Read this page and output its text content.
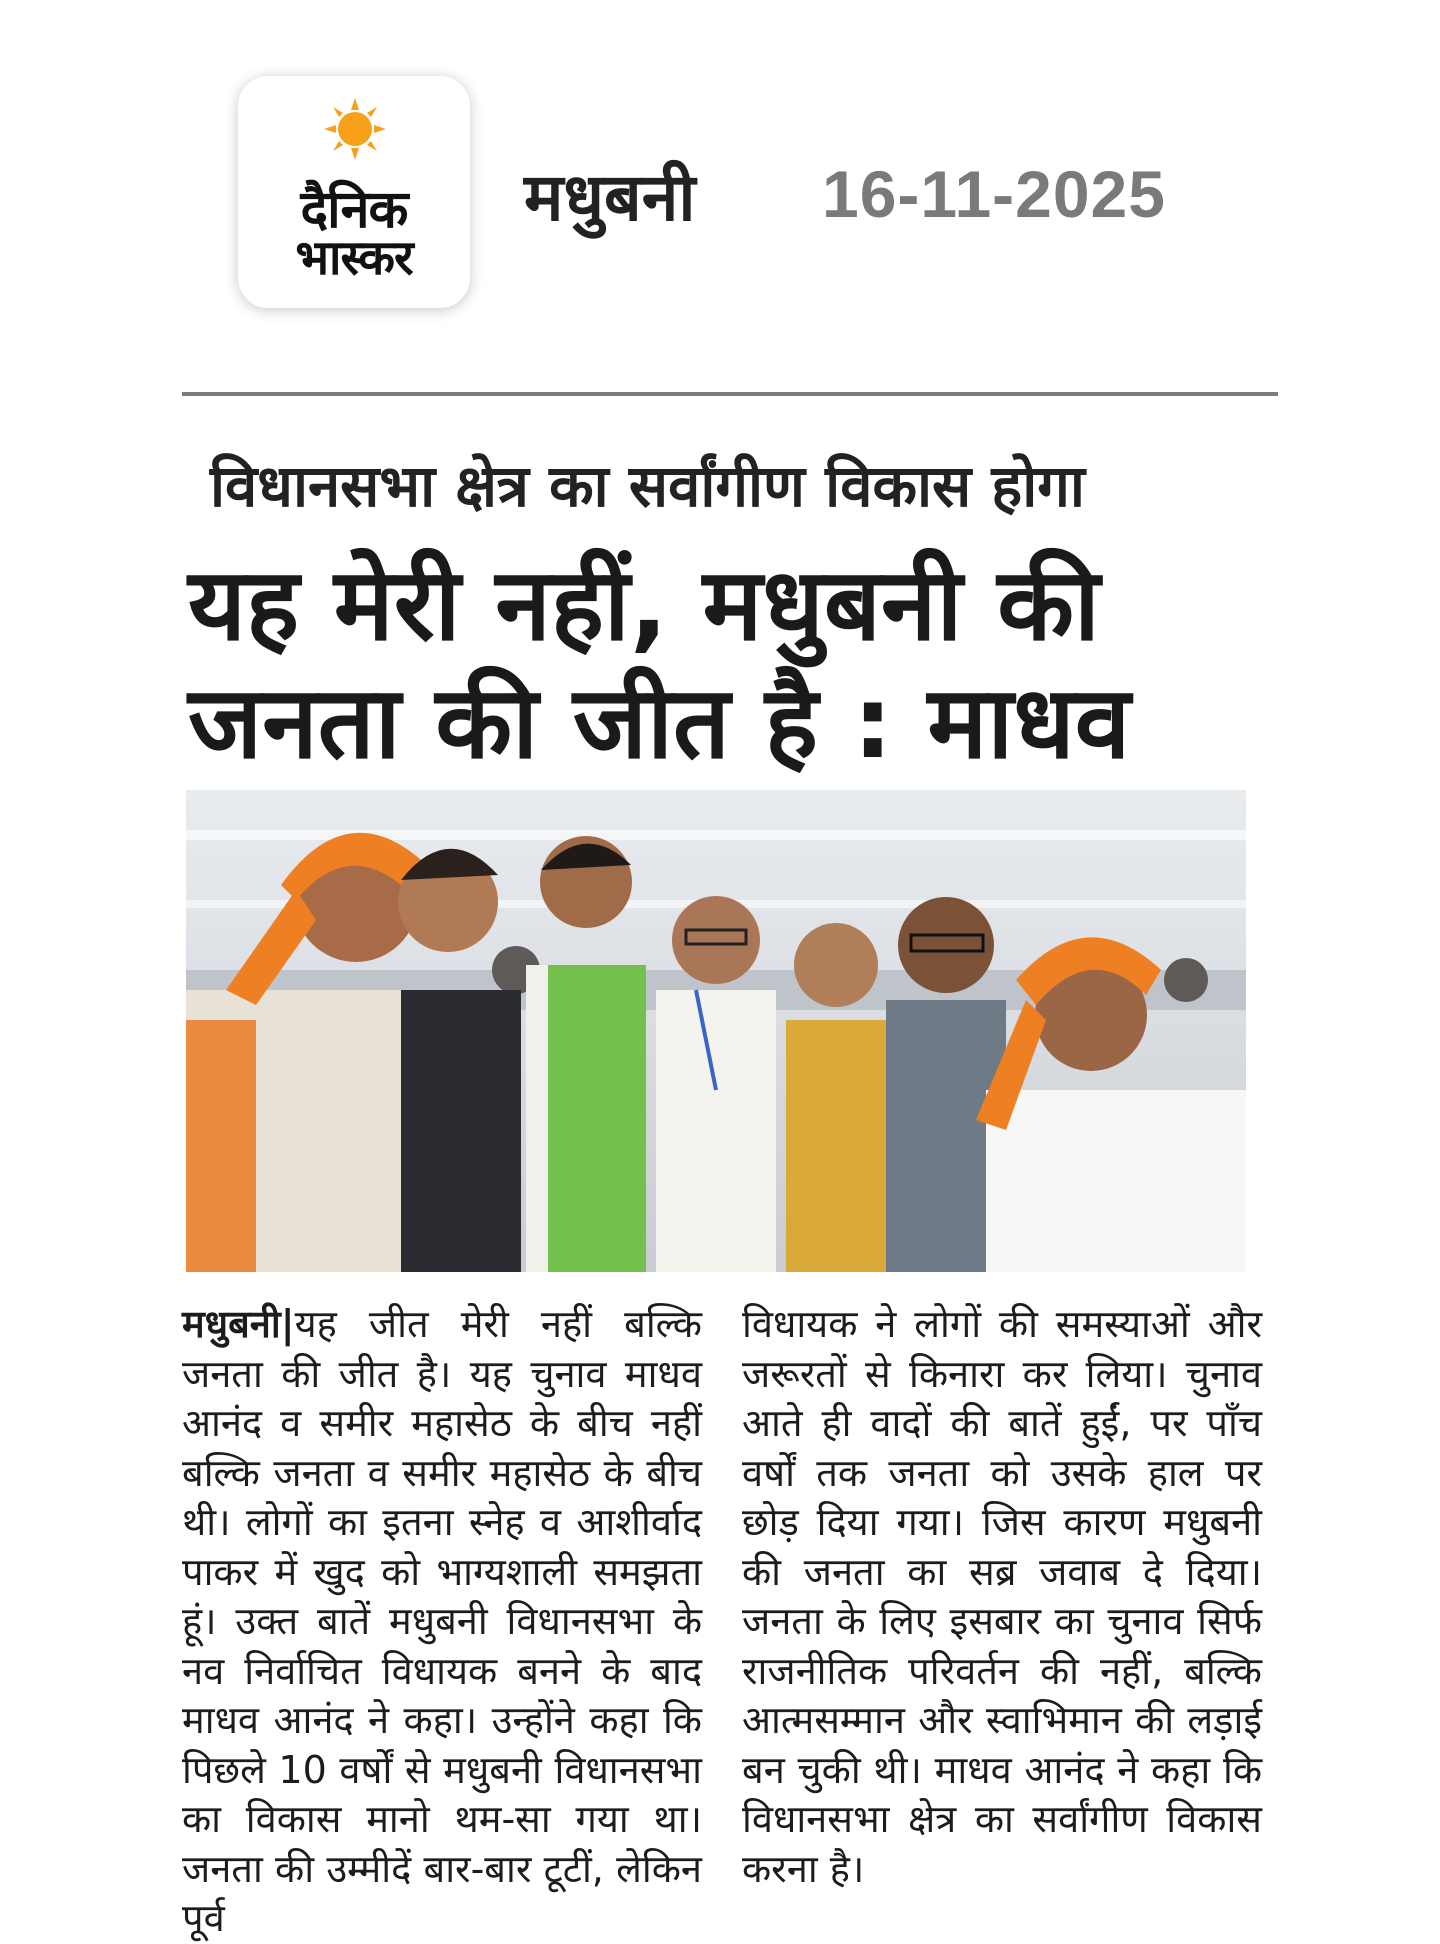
दैनिक
भास्कर
मधुबनी 16-11-2025
विधानसभा क्षेत्र का सर्वांगीण विकास होगा
यह मेरी नहीं, मधुबनी की
जनता की जीत है : माधव
मधुबनी|यह जीत मेरी नहीं बल्कि जनता की जीत है। यह चुनाव माधव आनंद व समीर महासेठ के बीच नहीं बल्कि जनता व समीर महासेठ के बीच थी। लोगों का इतना स्नेह व आशीर्वाद पाकर में खुद को भाग्यशाली समझता हूं। उक्त बातें मधुबनी विधानसभा के नव निर्वाचित विधायक बनने के बाद माधव आनंद ने कहा। उन्होंने कहा कि पिछले 10 वर्षों से मधुबनी विधानसभा का विकास मानो थम-सा गया था। जनता की उम्मीदें बार-बार टूटीं, लेकिन पूर्व
विधायक ने लोगों की समस्याओं और जरूरतों से किनारा कर लिया। चुनाव आते ही वादों की बातें हुईं, पर पाँच वर्षों तक जनता को उसके हाल पर छोड़ दिया गया। जिस कारण मधुबनी की जनता का सब्र जवाब दे दिया। जनता के लिए इसबार का चुनाव सिर्फ राजनीतिक परिवर्तन की नहीं, बल्कि आत्मसम्मान और स्वाभिमान की लड़ाई बन चुकी थी। माधव आनंद ने कहा कि विधानसभा क्षेत्र का सर्वांगीण विकास करना है।
